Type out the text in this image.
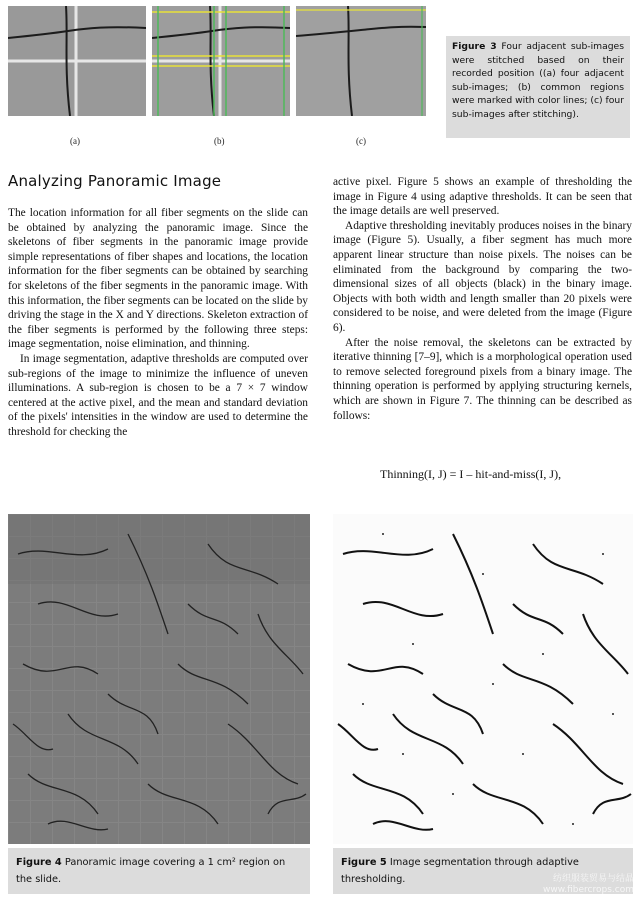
(a)	(b)	(c)
Figure 3 Four adjacent sub-images were stitched based on their recorded position ((a) four adjacent sub-images; (b) common regions were marked with color lines; (c) four sub-images after stitching).
Analyzing Panoramic Image

The location information for all fiber segments on the slide can be obtained by analyzing the panoramic image. Since the skeletons of fiber segments in the panoramic image provide simple representations of fiber shapes and locations, the location information for the fiber segments can be obtained by searching for skeletons of the fiber segments in the panoramic image. With this information, the fiber segments can be located on the slide by driving the stage in the X and Y directions. Skeleton extraction of the fiber segments is performed by the following three steps: image segmentation, noise elimination, and thinning.

In image segmentation, adaptive thresholds are computed over sub-regions of the image to minimize the influence of uneven illuminations. A sub-region is chosen to be a 7 × 7 window centered at the active pixel, and the mean and standard deviation of the pixels' intensities in the window are used to determine the threshold for checking the

active pixel. Figure 5 shows an example of thresholding the image in Figure 4 using adaptive thresholds. It can be seen that the image details are well preserved.

Adaptive thresholding inevitably produces noises in the binary image (Figure 5). Usually, a fiber segment has much more apparent linear structure than noise pixels. The noises can be eliminated from the background by comparing the two-dimensional sizes of all objects (black) in the binary image. Objects with both width and length smaller than 20 pixels were considered to be noise, and were deleted from the image (Figure 6).

After the noise removal, the skeletons can be extracted by iterative thinning [7–9], which is a morphological operation used to remove selected foreground pixels from a binary image. The thinning operation is performed by applying structuring kernels, which are shown in Figure 7. The thinning can be described as follows:

Thinning(I, J) = I – hit-and-miss(I, J),
Figure 4 Panoramic image covering a 1 cm² region on the slide.
Figure 5 Image segmentation through adaptive thresholding.	纺织服装贸易与结晶
www.fibercrops.com
